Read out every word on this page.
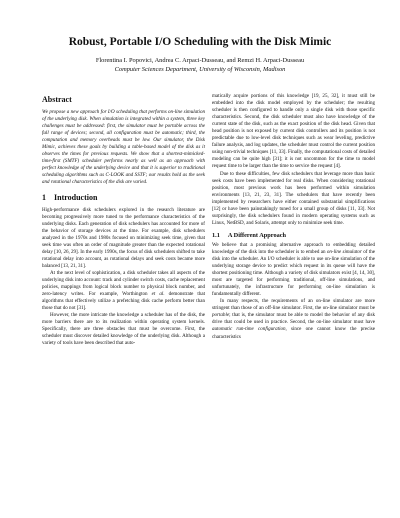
Robust, Portable I/O Scheduling with the Disk Mimic
Florentina I. Popovici, Andrea C. Arpaci-Dusseau, and Remzi H. Arpaci-Dusseau
Computer Sciences Department, University of Wisconsin, Madison
Abstract

We propose a new approach for I/O scheduling that performs on-line simulation of the underlying disk. When simulation is integrated within a system, three key challenges must be addressed: first, the simulator must be portable across the full range of devices; second, all configuration must be automatic; third, the computation and memory overheads must be low. Our simulator, the Disk Mimic, achieves these goals by building a table-based model of the disk as it observes the times for previous requests. We show that a shortest-mimicked-time-first (SMTF) scheduler performs nearly as well as an approach with perfect knowledge of the underlying device and that it is superior to traditional scheduling algorithms such as C-LOOK and SSTF; our results hold as the seek and rotational characteristics of the disk are varied.

1 Introduction

High-performance disk schedulers explored in the research literature are becoming progressively more tuned to the performance characteristics of the underlying disks. Each generation of disk schedulers has accounted for more of the behavior of storage devices at the time. For example, disk schedulers analyzed in the 1970s and 1980s focused on minimizing seek time, given that seek time was often an order of magnitude greater than the expected rotational delay [10, 26, 29]. In the early 1990s, the focus of disk schedulers shifted to take rotational delay into account, as rotational delays and seek costs became more balanced [13, 21, 31].

At the next level of sophistication, a disk scheduler takes all aspects of the underlying disk into account: track and cylinder switch costs, cache replacement policies, mappings from logical block number to physical block number, and zero-latency writes. For example, Worthington et al. demonstrate that algorithms that effectively utilize a prefetching disk cache perform better than those that do not [31].

However, the more intricate the knowledge a scheduler has of the disk, the more barriers there are to its realization within operating system kernels. Specifically, there are three obstacles that must be overcome. First, the scheduler must discover detailed knowledge of the underlying disk. Although a variety of tools have been described that auto-

matically acquire portions of this knowledge [19, 25, 32], it must still be embedded into the disk model employed by the scheduler; the resulting scheduler is then configured to handle only a single disk with those specific characteristics. Second, the disk scheduler must also have knowledge of the current state of the disk, such as the exact position of the disk head. Given that head position is not exposed by current disk controllers and its position is not predictable due to low-level disk techniques such as wear leveling, predictive failure analysis, and log updates, the scheduler must control the current position using non-trivial techniques [11, 33]. Finally, the computational costs of detailed modeling can be quite high [31]; it is not uncommon for the time to model request time to be larger than the time to service the request [4].

Due to these difficulties, few disk schedulers that leverage more than basic seek costs have been implemented for real disks. When considering rotational position, most previous work has been performed within simulation environments [13, 21, 23, 31]. The schedulers that have recently been implemented by researchers have either contained substantial simplifications [12] or have been painstakingly tuned for a small group of disks [11, 33]. Not surprisingly, the disk schedulers found in modern operating systems such as Linux, NetBSD, and Solaris, attempt only to minimize seek time.

1.1 A Different Approach

We believe that a promising alternative approach to embedding detailed knowledge of the disk into the scheduler is to embed an on-line simulator of the disk into the scheduler. An I/O scheduler is able to use on-line simulation of the underlying storage device to predict which request in its queue will have the shortest positioning time. Although a variety of disk simulators exist [4, 14, 30], most are targeted for performing traditional, off-line simulations, and unfortunately, the infrastructure for performing on-line simulation is fundamentally different.

In many respects, the requirements of an on-line simulator are more stringent than those of an off-line simulator. First, the on-line simulator must be portable; that is, the simulator must be able to model the behavior of any disk drive that could be used in practice. Second, the on-line simulator must have automatic run-time configuration, since one cannot know the precise characteristics
